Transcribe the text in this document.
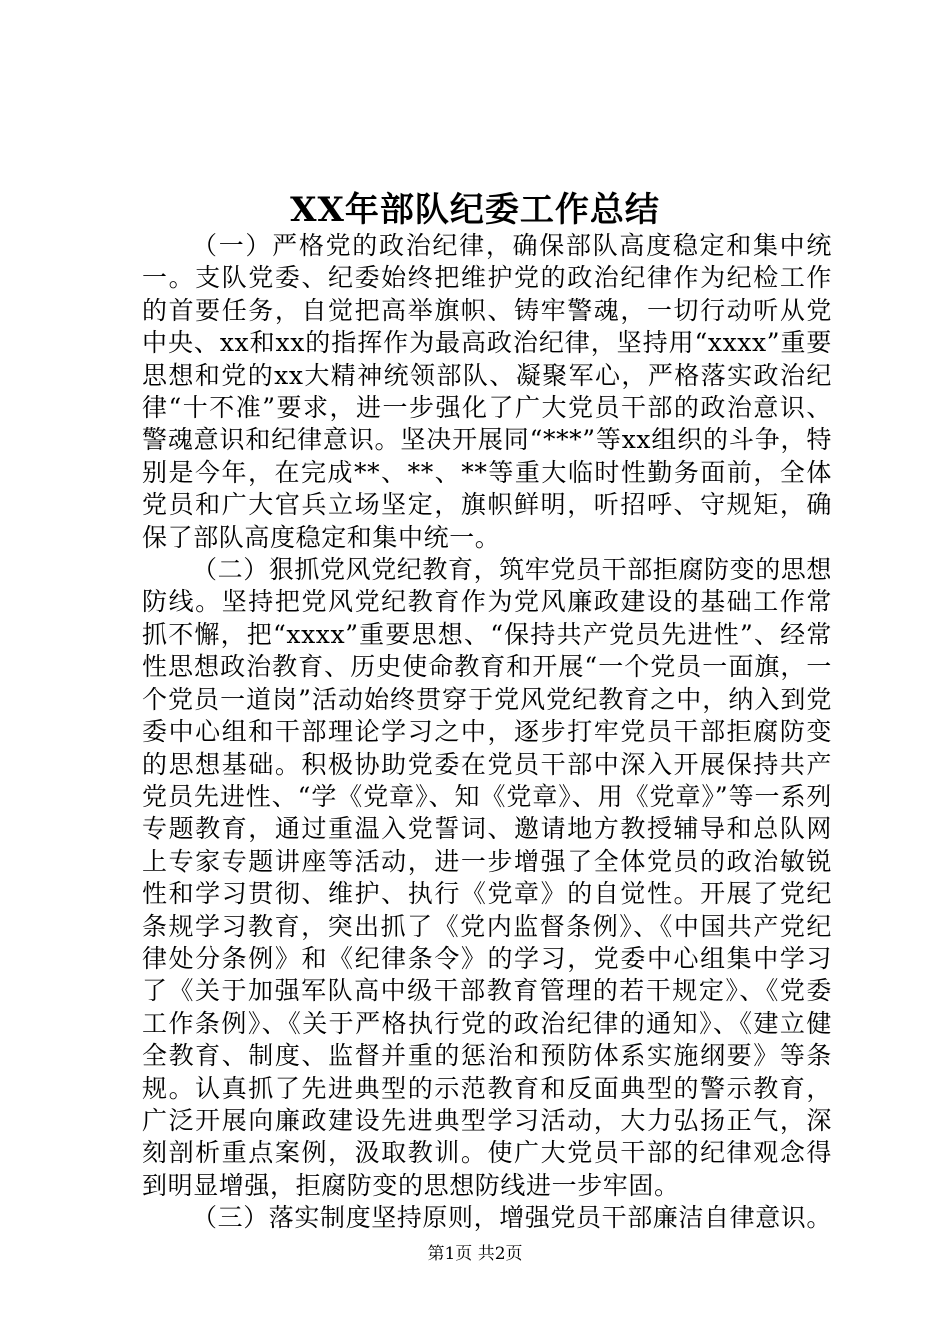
XX年部队纪委工作总结

（一）严格党的政治纪律，确保部队高度稳定和集中统一。支队党委、纪委始终把维护党的政治纪律作为纪检工作的首要任务，自觉把高举旗帜、铸牢警魂，一切行动听从党中央、xx和xx的指挥作为最高政治纪律，坚持用“xxxx”重要思想和党的xx大精神统领部队、凝聚军心，严格落实政治纪律“十不准”要求，进一步强化了广大党员干部的政治意识、警魂意识和纪律意识。坚决开展同“***”等xx组织的斗争，特别是今年，在完成**、**、**等重大临时性勤务面前，全体党员和广大官兵立场坚定，旗帜鲜明，听招呼、守规矩，确保了部队高度稳定和集中统一。

（二）狠抓党风党纪教育，筑牢党员干部拒腐防变的思想防线。坚持把党风党纪教育作为党风廉政建设的基础工作常抓不懈，把“xxxx”重要思想、“保持共产党员先进性”、经常性思想政治教育、历史使命教育和开展“一个党员一面旗，一个党员一道岗”活动始终贯穿于党风党纪教育之中，纳入到党委中心组和干部理论学习之中，逐步打牢党员干部拒腐防变的思想基础。积极协助党委在党员干部中深入开展保持共产党员先进性、“学《党章》、知《党章》、用《党章》”等一系列专题教育，通过重温入党誓词、邀请地方教授辅导和总队网上专家专题讲座等活动，进一步增强了全体党员的政治敏锐性和学习贯彻、维护、执行《党章》的自觉性。开展了党纪条规学习教育，突出抓了《党内监督条例》、《中国共产党纪律处分条例》和《纪律条令》的学习，党委中心组集中学习了《关于加强军队高中级干部教育管理的若干规定》、《党委工作条例》、《关于严格执行党的政治纪律的通知》、《建立健全教育、制度、监督并重的惩治和预防体系实施纲要》等条规。认真抓了先进典型的示范教育和反面典型的警示教育，广泛开展向廉政建设先进典型学习活动，大力弘扬正气，深刻剖析重点案例，汲取教训。使广大党员干部的纪律观念得到明显增强，拒腐防变的思想防线进一步牢固。

（三）落实制度坚持原则，增强党员干部廉洁自律意识。

第1页 共2页
